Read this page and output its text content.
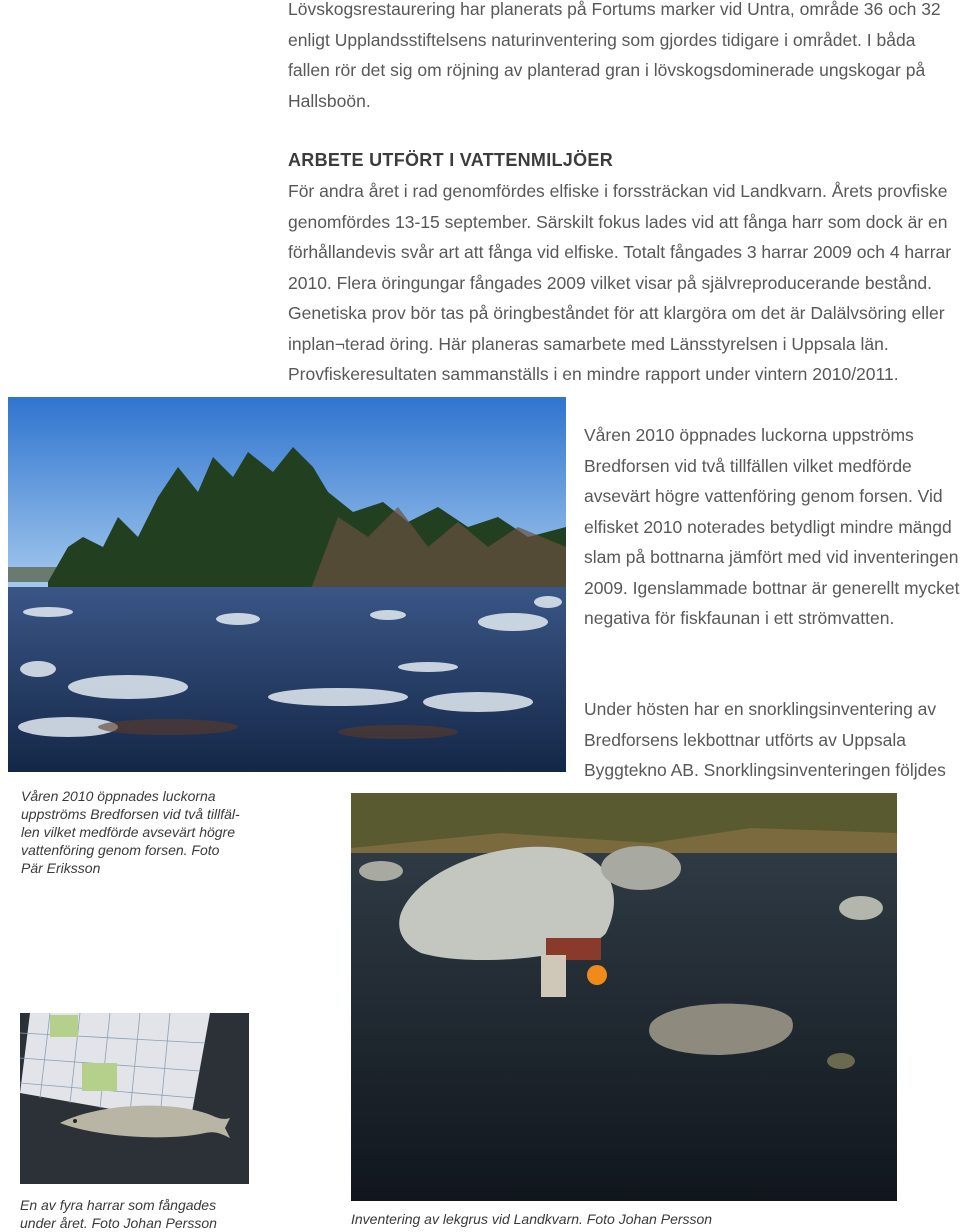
Lövskogsrestaurering har planerats på Fortums marker vid Untra, område 36 och 32 enligt Upplandsstiftelsens naturinventering som gjordes tidigare i området. I båda fallen rör det sig om röjning av planterad gran i lövskogsdominerade ungskogar på Hallsboön.

ARBETE UTFÖRT I VATTENMILJÖER

För andra året i rad genomfördes elfiske i forssträckan vid Landkvarn. Årets provfiske genomfördes 13-15 september. Särskilt fokus lades vid att fånga harr som dock är en förhållandevis svår art att fånga vid elfiske. Totalt fångades 3 harrar 2009 och 4 harrar 2010. Flera öringungar fångades 2009 vilket visar på självreproducerande bestånd. Genetiska prov bör tas på öringbeståndet för att klargöra om det är Dalälvsöring eller inplan¬terad öring. Här planeras samarbete med Länsstyrelsen i Uppsala län. Provfiskeresultaten sammanställs i en mindre rapport under vintern 2010/2011.

Våren 2010 öppnades luckorna uppströms Bredforsen vid två tillfällen vilket medförde avsevärt högre vattenföring genom forsen. Vid elfisket 2010 noterades betydligt mindre mängd slam på bottnarna jämfört med vid inventeringen 2009. Igenslammade bottnar är generellt mycket negativa för fiskfaunan i ett strömvatten.

Under hösten har en snorklingsinventering av Bredforsens lekbottnar utförts av Uppsala Byggtekno AB. Snorklingsinventeringen följdes

Våren 2010 öppnades luckorna uppströms Bredforsen vid två tillfällen vilket medförde avsevärt högre vattenföring genom forsen. Foto Pär Eriksson

En av fyra harrar som fångades under året. Foto Johan Persson	Inventering av lekgrus vid Landkvarn. Foto Johan Persson
